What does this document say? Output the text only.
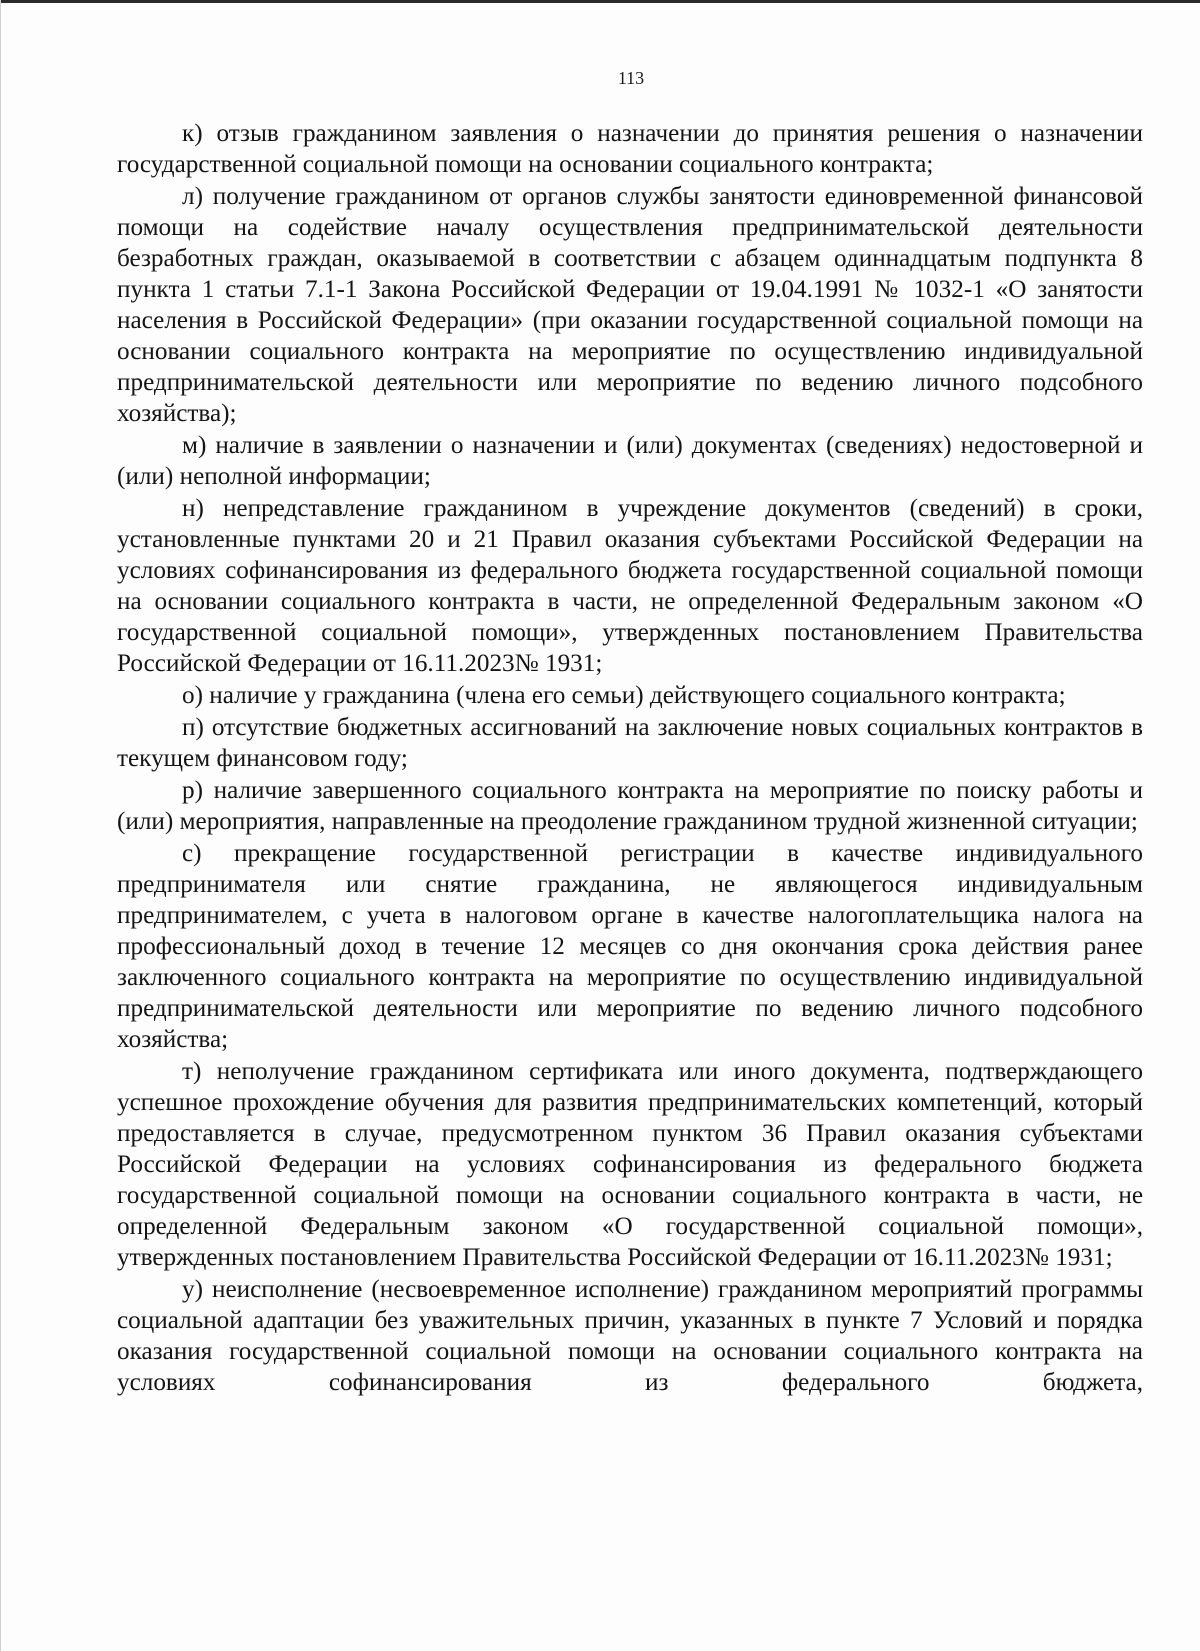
113

к) отзыв гражданином заявления о назначении до принятия решения о назначении государственной социальной помощи на основании социального контракта;

л) получение гражданином от органов службы занятости единовременной финансовой помощи на содействие началу осуществления предпринимательской деятельности безработных граждан, оказываемой в соответствии с абзацем одиннадцатым подпункта 8 пункта 1 статьи 7.1-1 Закона Российской Федерации от 19.04.1991 № 1032-1 «О занятости населения в Российской Федерации» (при оказании государственной социальной помощи на основании социального контракта на мероприятие по осуществлению индивидуальной предпринимательской деятельности или мероприятие по ведению личного подсобного хозяйства);

м) наличие в заявлении о назначении и (или) документах (сведениях) недостоверной и (или) неполной информации;

н) непредставление гражданином в учреждение документов (сведений) в сроки, установленные пунктами 20 и 21 Правил оказания субъектами Российской Федерации на условиях софинансирования из федерального бюджета государственной социальной помощи на основании социального контракта в части, не определенной Федеральным законом «О государственной социальной помощи», утвержденных постановлением Правительства Российской Федерации от 16.11.2023№ 1931;

о) наличие у гражданина (члена его семьи) действующего социального контракта;

п) отсутствие бюджетных ассигнований на заключение новых социальных контрактов в текущем финансовом году;

р) наличие завершенного социального контракта на мероприятие по поиску работы и (или) мероприятия, направленные на преодоление гражданином трудной жизненной ситуации;

с) прекращение государственной регистрации в качестве индивидуального предпринимателя или снятие гражданина, не являющегося индивидуальным предпринимателем, с учета в налоговом органе в качестве налогоплательщика налога на профессиональный доход в течение 12 месяцев со дня окончания срока действия ранее заключенного социального контракта на мероприятие по осуществлению индивидуальной предпринимательской деятельности или мероприятие по ведению личного подсобного хозяйства;

т) неполучение гражданином сертификата или иного документа, подтверждающего успешное прохождение обучения для развития предпринимательских компетенций, который предоставляется в случае, предусмотренном пунктом 36 Правил оказания субъектами Российской Федерации на условиях софинансирования из федерального бюджета государственной социальной помощи на основании социального контракта в части, не определенной Федеральным законом «О государственной социальной помощи», утвержденных постановлением Правительства Российской Федерации от 16.11.2023№ 1931;

у) неисполнение (несвоевременное исполнение) гражданином мероприятий программы социальной адаптации без уважительных причин, указанных в пункте 7 Условий и порядка оказания государственной социальной помощи на основании социального контракта на условиях софинансирования из федерального бюджета,
